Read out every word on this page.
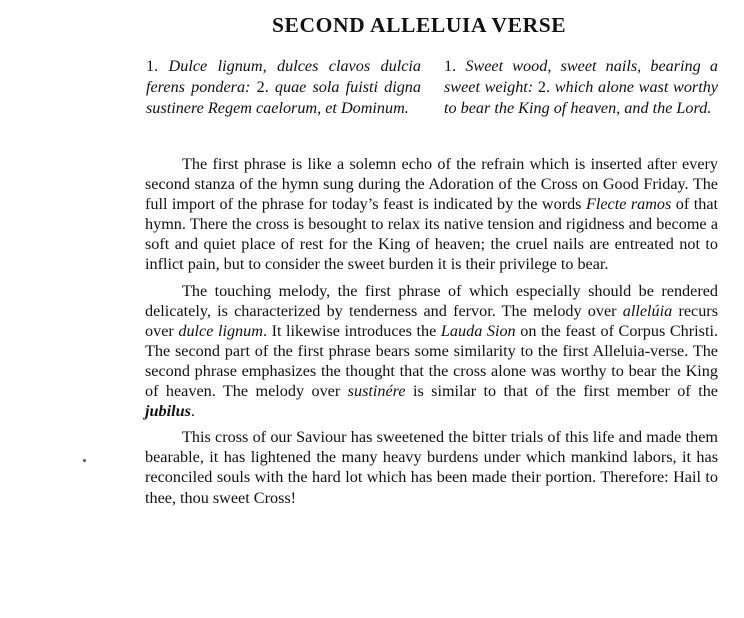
SECOND ALLELUIA VERSE
1. Dulce lignum, dulces clavos dulcia ferens pondera: 2. quae sola fuisti digna sustinere Regem caelorum, et Dominum.
1. Sweet wood, sweet nails, bearing a sweet weight: 2. which alone wast worthy to bear the King of heaven, and the Lord.

The first phrase is like a solemn echo of the refrain which is inserted after every second stanza of the hymn sung during the Adoration of the Cross on Good Friday. The full import of the phrase for today’s feast is indicated by the words Flecte ramos of that hymn. There the cross is besought to relax its native tension and rigidness and become a soft and quiet place of rest for the King of heaven; the cruel nails are entreated not to inflict pain, but to consider the sweet burden it is their privilege to bear.

The touching melody, the first phrase of which especially should be rendered delicately, is characterized by tenderness and fervor. The melody over allelúia recurs over dulce lignum. It likewise introduces the Lauda Sion on the feast of Corpus Christi. The second part of the first phrase bears some similarity to the first Alleluia-verse. The second phrase emphasizes the thought that the cross alone was worthy to bear the King of heaven. The melody over sustinére is similar to that of the first member of the jubilus.

This cross of our Saviour has sweetened the bitter trials of this life and made them bearable, it has lightened the many heavy burdens under which mankind labors, it has reconciled souls with the hard lot which has been made their portion. Therefore: Hail to thee, thou sweet Cross!
